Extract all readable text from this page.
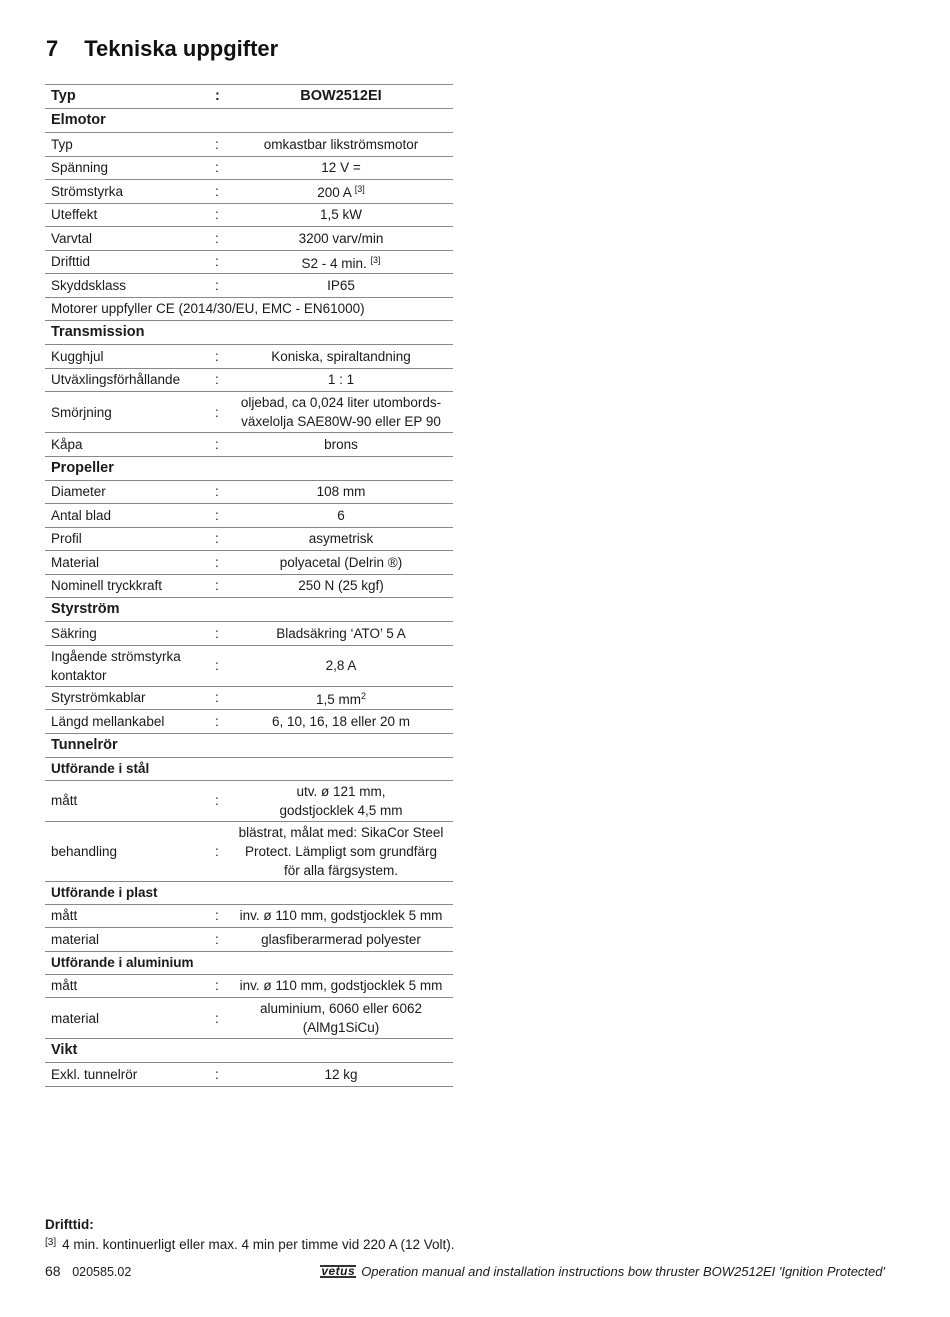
7 Tekniska uppgifter
Typ	:	BOW2512EI
Elmotor		
Typ	:	omkastbar likströmsmotor
Spänning	:	12 V =
Strömstyrka	:	200 A [3]
Uteffekt	:	1,5 kW
Varvtal	:	3200 varv/min
Drifttid	:	S2 - 4 min. [3]
Skyddsklass	:	IP65
Motorer uppfyller CE (2014/30/EU, EMC - EN61000)		
Transmission		
Kugghjul	:	Koniska, spiraltandning
Utväxlingsförhållande	:	1 : 1
Smörjning	:	oljebad, ca 0,024 liter utombords-
växelolja SAE80W-90 eller EP 90
Kåpa	:	brons
Propeller		
Diameter	:	108 mm
Antal blad	:	6
Profil	:	asymetrisk
Material	:	polyacetal (Delrin ®)
Nominell tryckkraft	:	250 N (25 kgf)
Styrström		
Säkring	:	Bladsäkring ‘ATO’ 5 A
Ingående strömstyrka
kontaktor	:	2,8 A
Styrströmkablar	:	1,5 $mm^2$
Längd mellankabel	:	6, 10, 16, 18 eller 20 m
Tunnelrör		
Utförande i stål		
mått	:	utv. ø 121 mm,
godstjocklek 4,5 mm
behandling	:	blästrat, målat med: SikaCor Steel
Protect. Lämpligt som grundfärg
för alla färgsystem.
Utförande i plast		
mått	:	inv. ø 110 mm, godstjocklek 5 mm
material	:	glasfiberarmerad polyester
Utförande i aluminium		
mått	:	inv. ø 110 mm, godstjocklek 5 mm
material	:	aluminium, 6060 eller 6062
(AlMg1SiCu)
Vikt		
Exkl. tunnelrör	:	12 kg
Drifttid:
[3] 4 min. kontinuerligt eller max. 4 min per timme vid 220 A (12 Volt).
68 020585.02	vetus Operation manual and installation instructions bow thruster BOW2512EI 'Ignition Protected'
